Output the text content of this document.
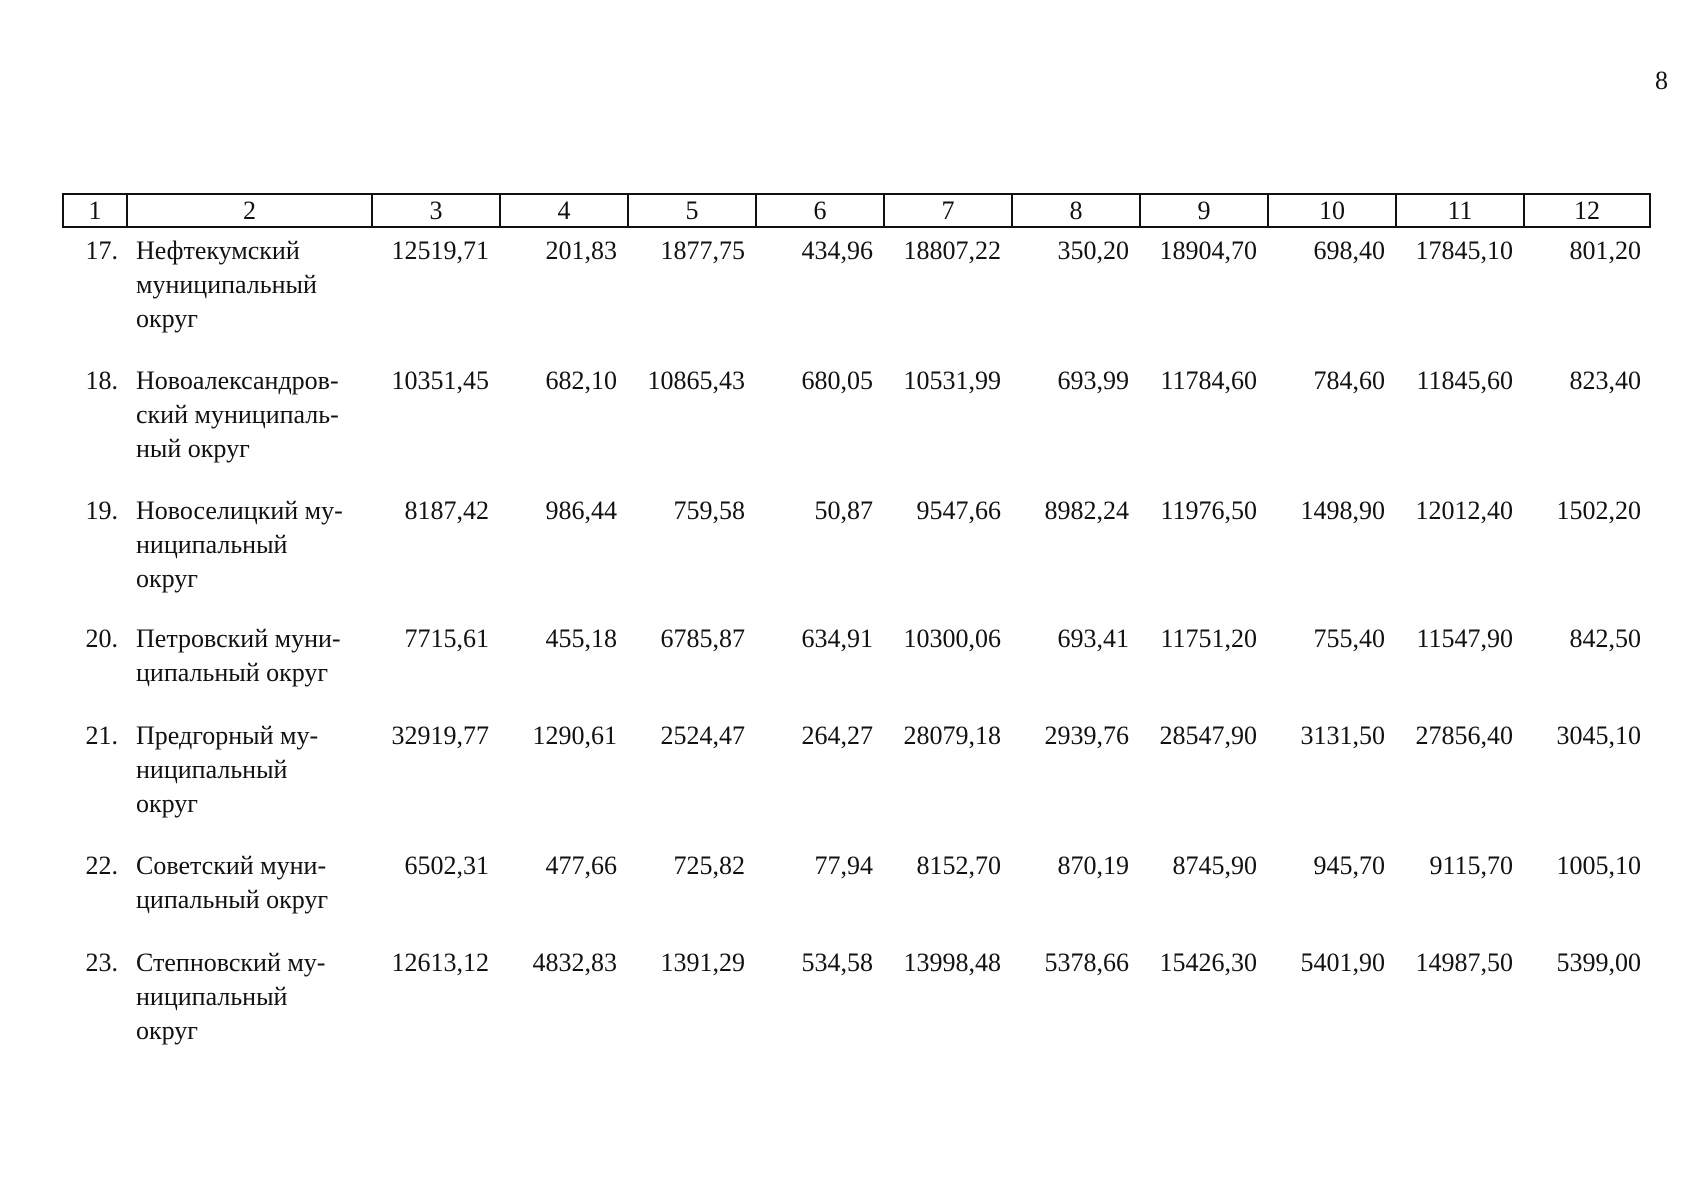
8
1	2	3	4	5	6	7	8	9	10	11	12
17. Нефтекумский
муниципальный
округ
12519,71	201,83	1877,75	434,96	18807,22	350,20	18904,70	698,40	17845,10	801,20
18. Новоалександров-
ский муниципаль-
ный округ
10351,45	682,10	10865,43	680,05	10531,99	693,99	11784,60	784,60	11845,60	823,40
19. Новоселицкий му-
ниципальный
округ
8187,42	986,44	759,58	50,87	9547,66	8982,24	11976,50	1498,90	12012,40	1502,20
20. Петровский муни-
ципальный округ
7715,61	455,18	6785,87	634,91	10300,06	693,41	11751,20	755,40	11547,90	842,50
21. Предгорный му-
ниципальный
округ
32919,77	1290,61	2524,47	264,27	28079,18	2939,76	28547,90	3131,50	27856,40	3045,10
22. Советский муни-
ципальный округ
6502,31	477,66	725,82	77,94	8152,70	870,19	8745,90	945,70	9115,70	1005,10
23. Степновский му-
ниципальный
округ
12613,12	4832,83	1391,29	534,58	13998,48	5378,66	15426,30	5401,90	14987,50	5399,00
